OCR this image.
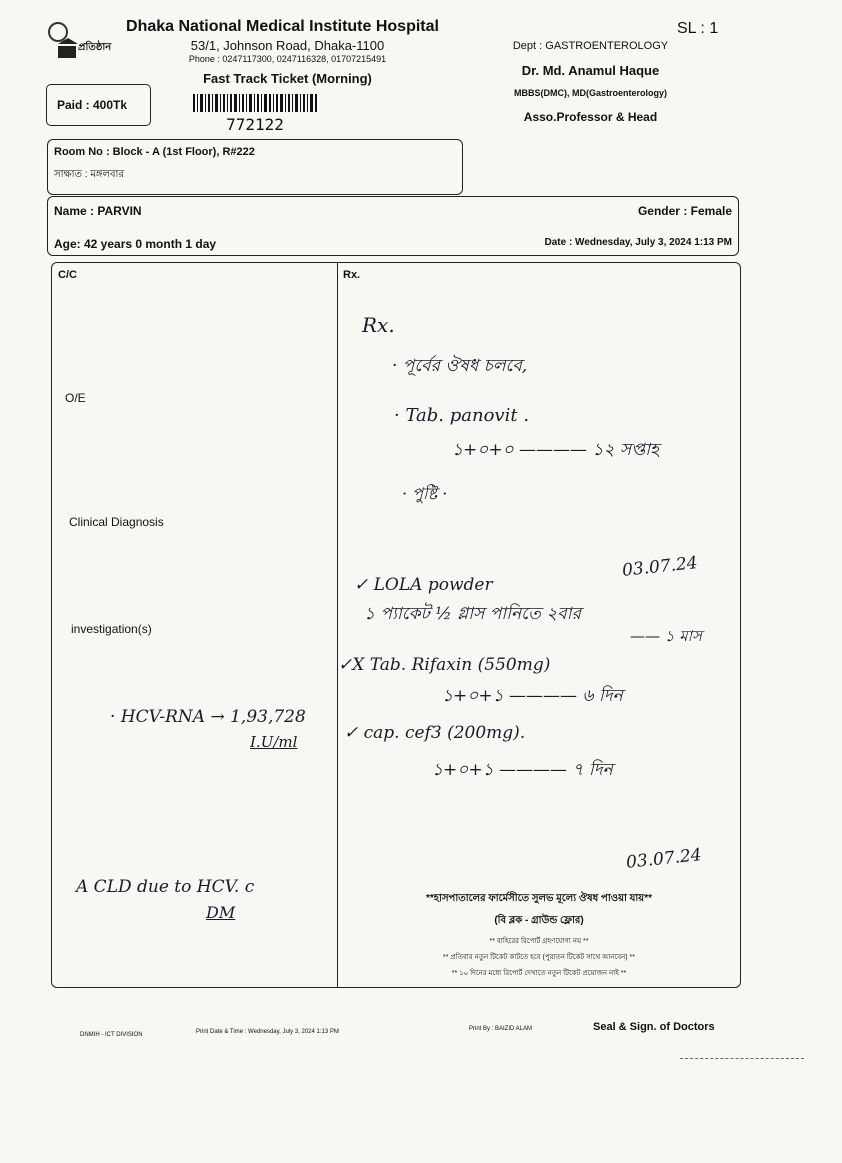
প্রতিষ্ঠান
Dhaka National Medical Institute Hospital
53/1, Johnson Road, Dhaka-1100
Phone : 0247117300, 0247116328, 01707215491
Fast Track Ticket (Morning)
Paid : 400Tk
772122
SL : 1
Dept : GASTROENTEROLOGY
Dr. Md. Anamul Haque
MBBS(DMC), MD(Gastroenterology)
Asso.Professor & Head
Room No : Block - A (1st Floor), R#222
সাক্ষাত : মঙ্গলবার
Name : PARVIN	Gender : Female
Age: 42 years 0 month 1 day	Date : Wednesday, July 3, 2024 1:13 PM
C/C
O/E
Clinical Diagnosis
investigation(s)
· HCV-RNA → 1,93,728
I.U/ml
A CLD due to HCV. c
DM
Rx.
Rx.
· পূর্বের ঔষধ চলবে,
· Tab. panovit .
১+০+০ ———— ১২ সপ্তাহ
· পুষ্টি ·
03.07.24
✓ LOLA powder
১ প্যাকেট ½ গ্লাস পানিতে ২বার
—— ১ মাস
✓X Tab. Rifaxin (550mg)
১+০+১ ———— ৬ দিন
✓ cap. cef3 (200mg).
১+০+১ ———— ৭ দিন
03.07.24
**হাসপাতালের ফার্মেসীতে সুলভ মূল্যে ঔষধ পাওয়া যায়**
(বি ব্লক - গ্রাউন্ড ফ্লোর)
** বাহিরের রিপোর্ট গ্রহণযোগ্য নয় **
** প্রতিবার নতুন টিকেট কাটতে হবে (পুরাতন টিকেট সাথে আনবেন) **
** ১০ দিনের মধ্যে রিপোর্ট দেখাতে নতুন টিকেট প্রয়োজন নাই **
DNMIH - ICT DIVISION	Print Date & Time : Wednesday, July 3, 2024 1:13 PM	Print By : BAIZID ALAM	Seal & Sign. of Doctors
